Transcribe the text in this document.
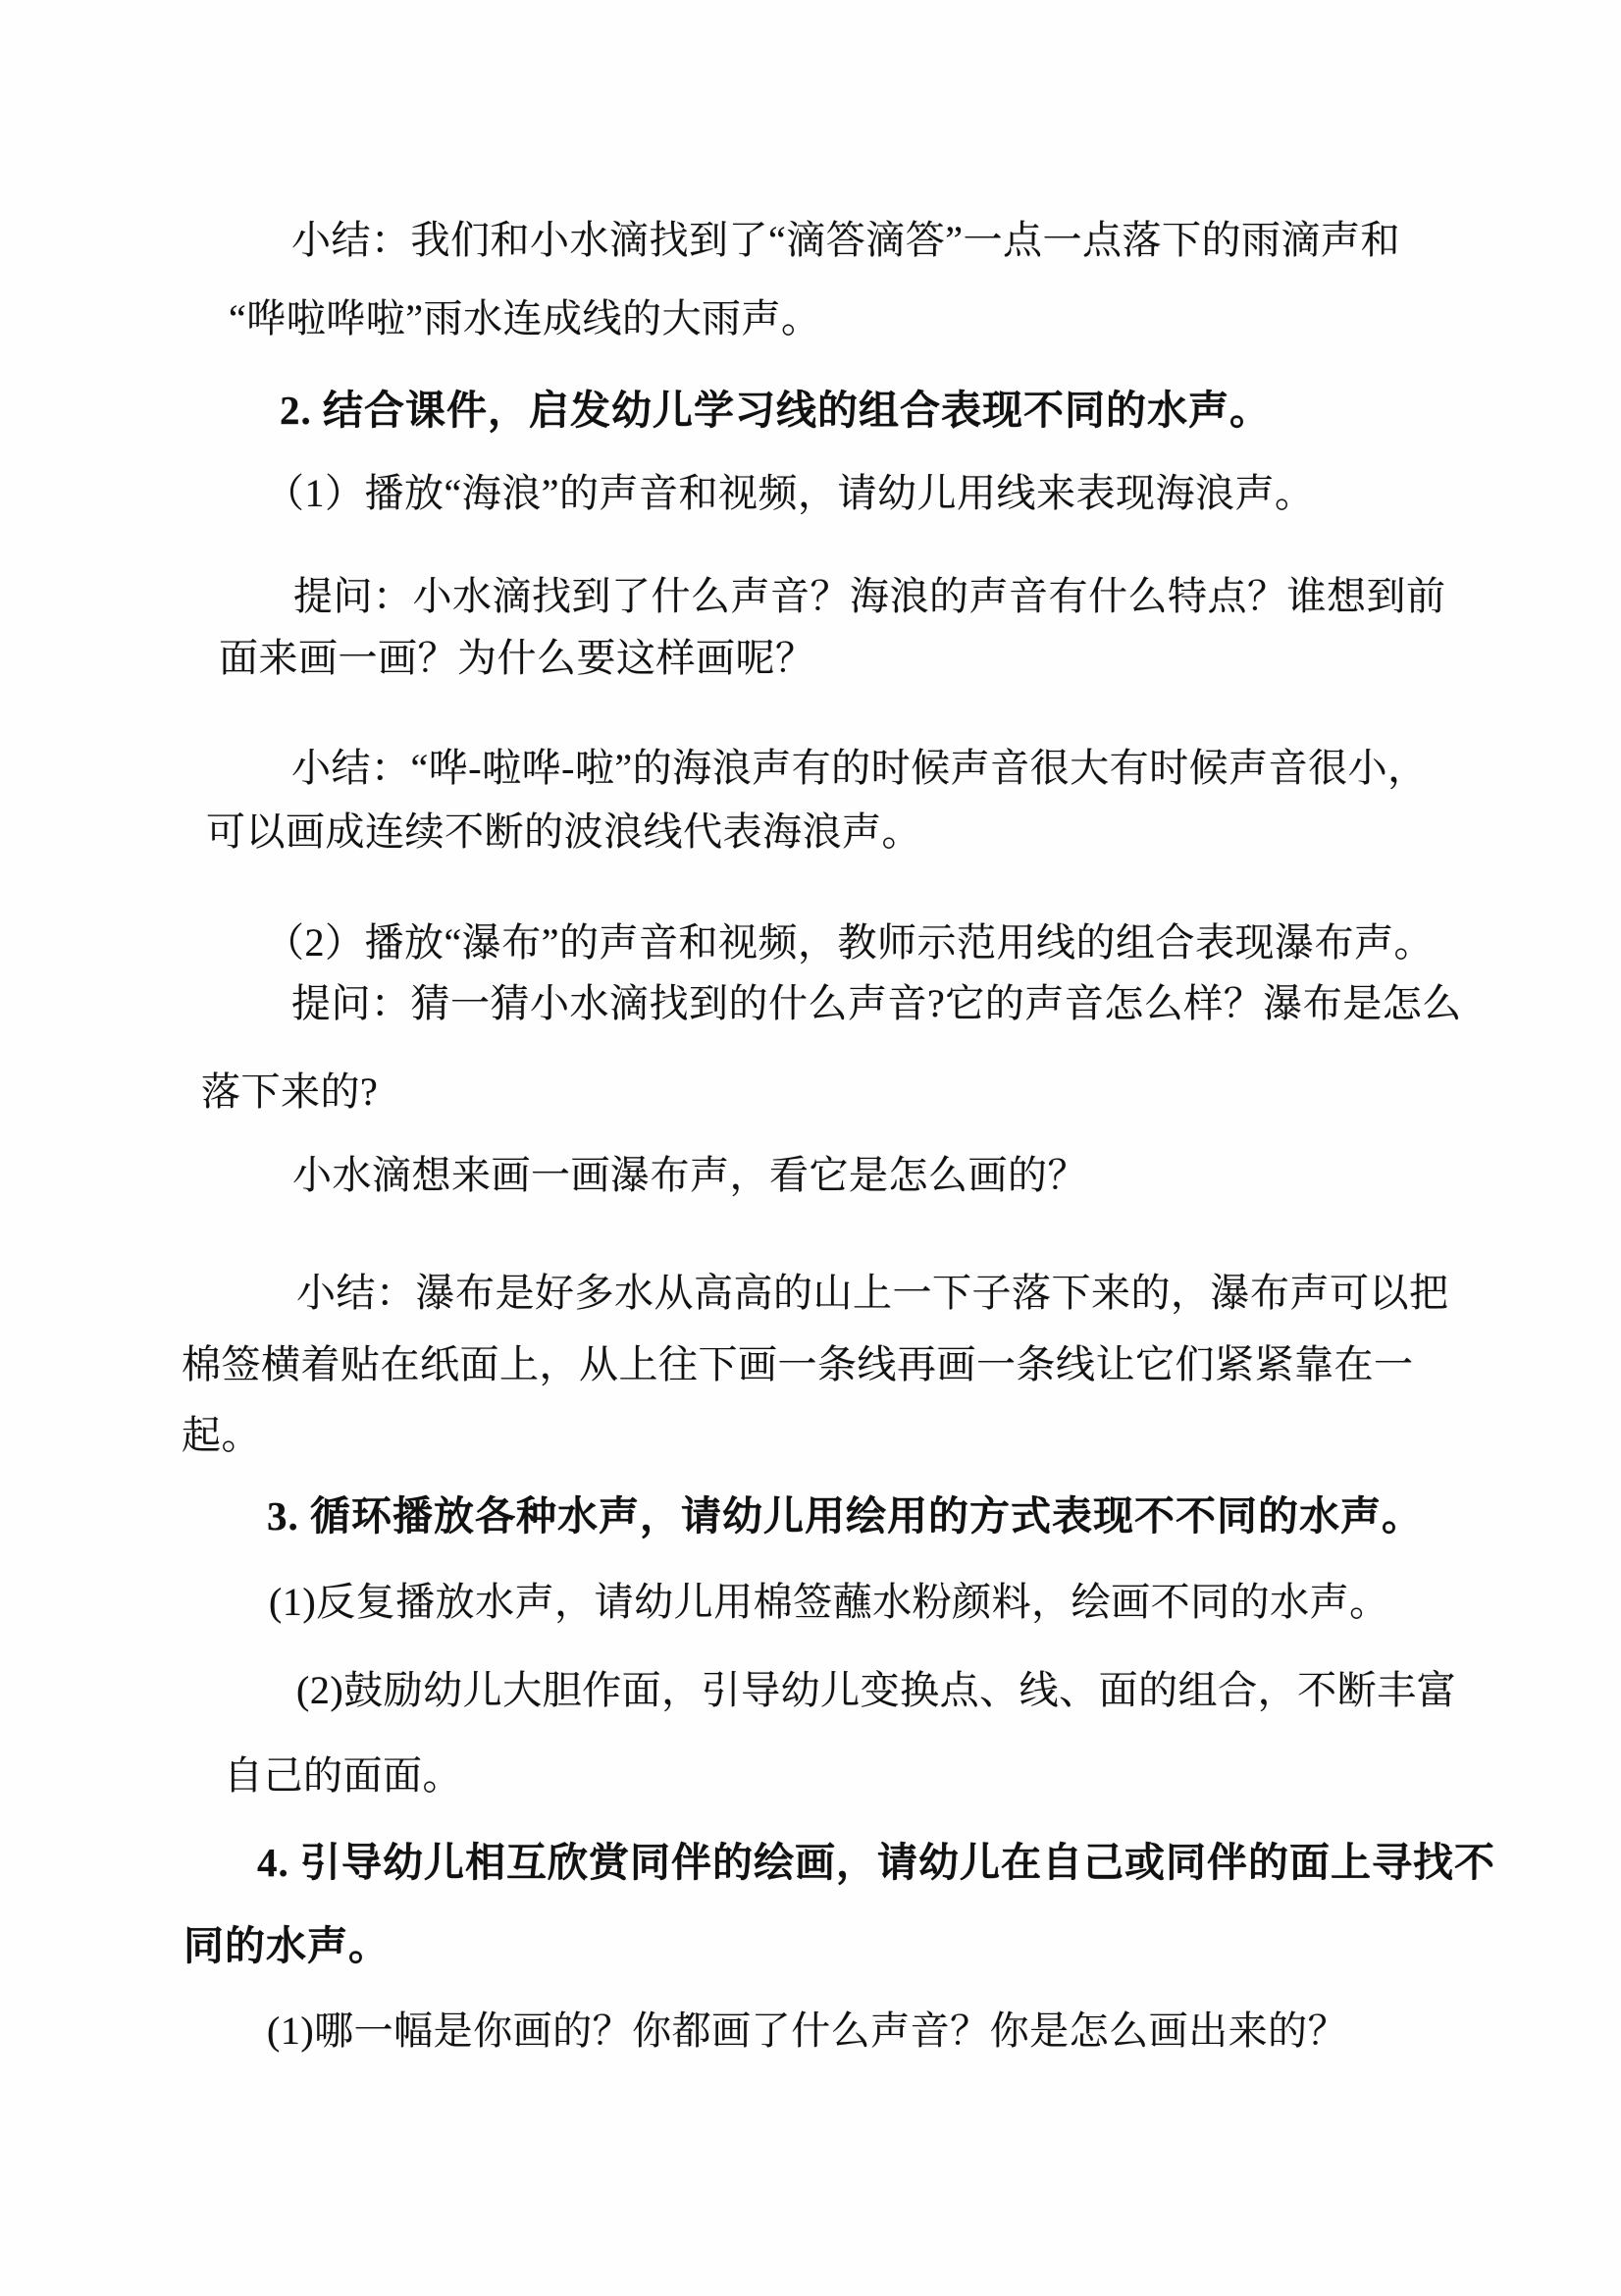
小结：我们和小水滴找到了“滴答滴答”一点一点落下的雨滴声和
“哗啦哗啦”雨水连成线的大雨声。
2. 结合课件，启发幼儿学习线的组合表现不同的水声。
（1）播放“海浪”的声音和视频，请幼儿用线来表现海浪声。
提问：小水滴找到了什么声音？海浪的声音有什么特点？谁想到前
面来画一画？为什么要这样画呢？
小结：“哗-啦哗-啦”的海浪声有的时候声音很大有时候声音很小，
可以画成连续不断的波浪线代表海浪声。
（2）播放“瀑布”的声音和视频，教师示范用线的组合表现瀑布声。
提问：猜一猜小水滴找到的什么声音?它的声音怎么样？瀑布是怎么
落下来的?
小水滴想来画一画瀑布声，看它是怎么画的？
小结：瀑布是好多水从高高的山上一下子落下来的，瀑布声可以把
棉签横着贴在纸面上，从上往下画一条线再画一条线让它们紧紧靠在一
起。
3. 循环播放各种水声，请幼儿用绘用的方式表现不不同的水声。
(1)反复播放水声，请幼儿用棉签蘸水粉颜料，绘画不同的水声。
(2)鼓励幼儿大胆作面，引导幼儿变换点、线、面的组合，不断丰富
自己的面面。
4. 引导幼儿相互欣赏同伴的绘画，请幼儿在自己或同伴的面上寻找不
同的水声。
(1)哪一幅是你画的？你都画了什么声音？你是怎么画出来的？
